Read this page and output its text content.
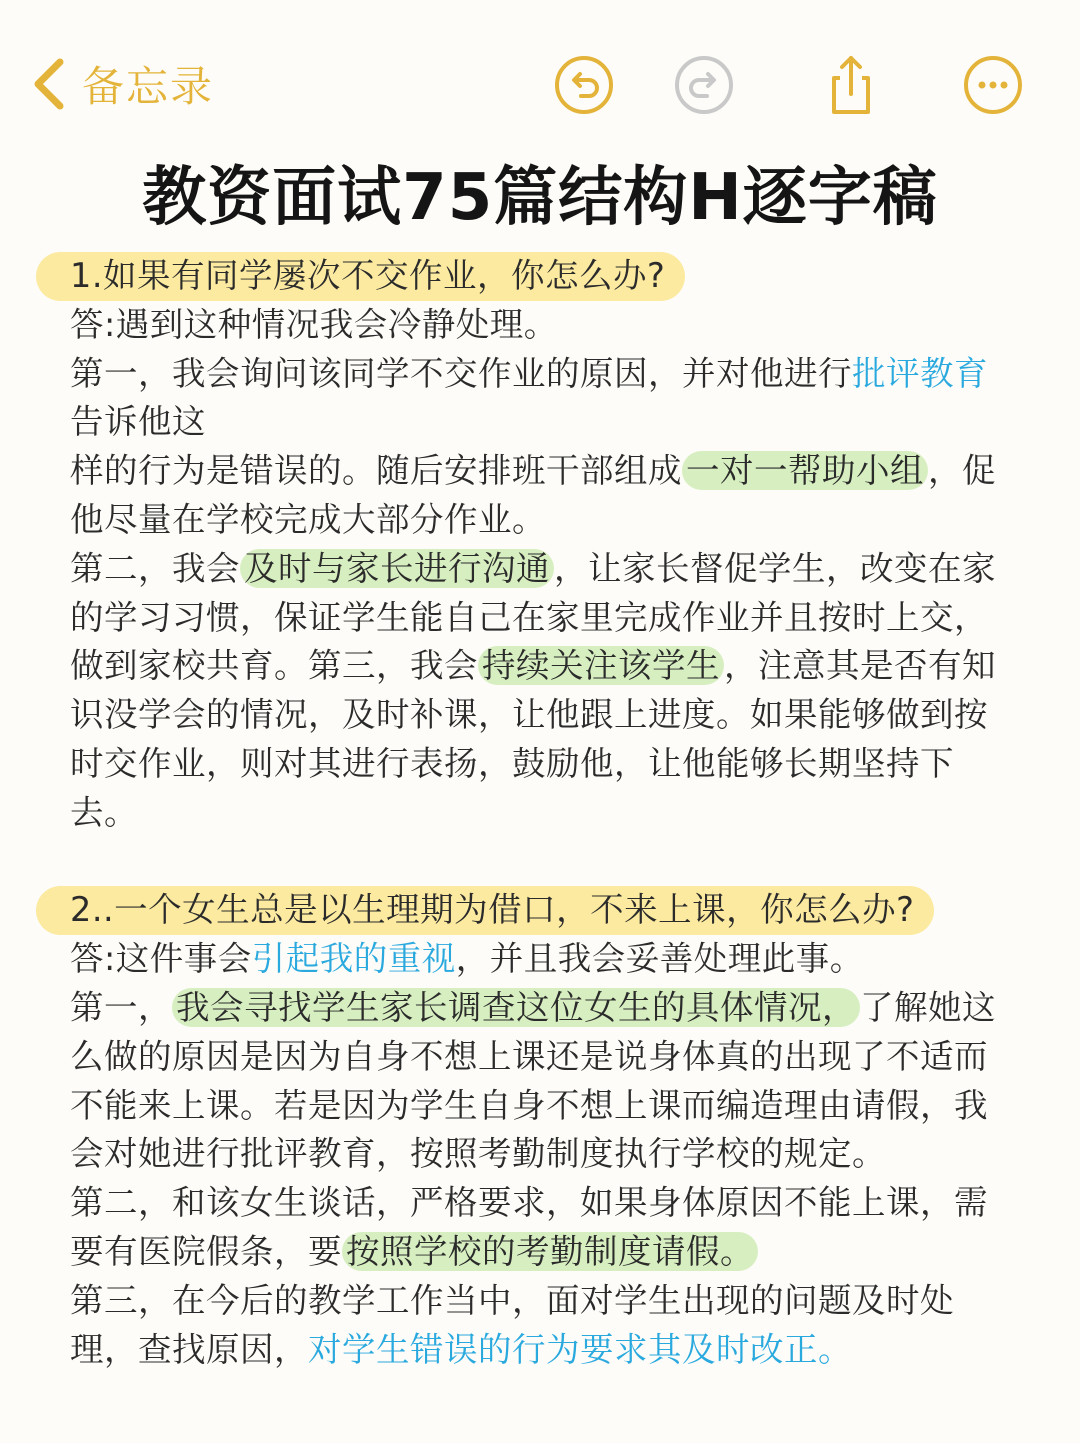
备忘录
教资面试75篇结构H逐字稿

1.如果有同学屡次不交作业，你怎么办?

答:遇到这种情况我会冷静处理。

第一，我会询问该同学不交作业的原因，并对他进行批评教育

告诉他这

样的行为是错误的。随后安排班干部组成 一对一帮助小组 ，促他尽量在学校完成大部分作业。

第二，我会 及时与家长进行沟通 ，让家长督促学生，改变在家的学习习惯，保证学生能自己在家里完成作业并且按时上交，做到家校共育。第三，我会 持续关注该学生 ，注意其是否有知识没学会的情况，及时补课，让他跟上进度。如果能够做到按时交作业，则对其进行表扬，鼓励他，让他能够长期坚持下去。

2..一个女生总是以生理期为借口，不来上课，你怎么办?

答:这件事会引起我的重视，并且我会妥善处理此事。

第一， 我会寻找学生家长调查这位女生的具体情况， 了解她这么做的原因是因为自身不想上课还是说身体真的出现了不适而不能来上课。若是因为学生自身不想上课而编造理由请假，我会对她进行批评教育，按照考勤制度执行学校的规定。

第二，和该女生谈话，严格要求，如果身体原因不能上课，需要有医院假条，要 按照学校的考勤制度请假。

第三，在今后的教学工作当中，面对学生出现的问题及时处理，查找原因，对学生错误的行为要求其及时改正。
